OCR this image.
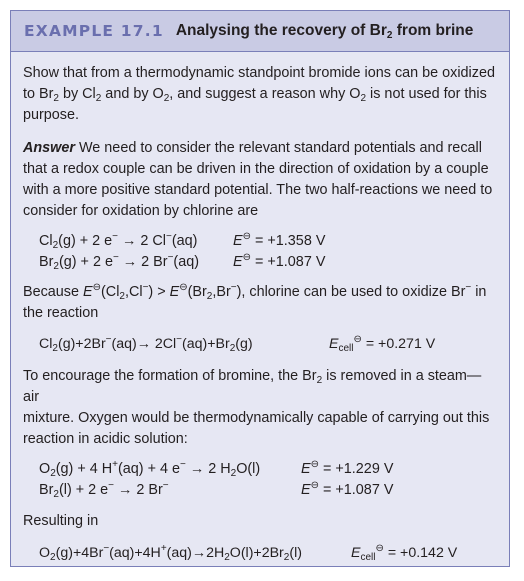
EXAMPLE 17.1 Analysing the recovery of $Br_2$ from brine

Show that from a thermodynamic standpoint bromide ions can be oxidized
to $Br_2$ by $Cl_2$ and by $O_2$, and suggest a reason why $O_2$ is not used for this
purpose.

Answer We need to consider the relevant standard potentials and recall
that a redox couple can be driven in the direction of oxidation by a couple
with a more positive standard potential. The two half-reactions we need to
consider for oxidation by chlorine are

$Cl_2(g) + 2$ e− → 2 Cl−(aq) E⊖ = +1.358 V
$Br_2(g) + 2$ e− → 2 Br−(aq) E⊖ = +1.087 V

Because $E^⊖(Cl_2,Cl^-) > E^⊖(Br_2,Br^-)$, chlorine can be used to oxidize Br− in
the reaction

$Cl_2(g)+2Br^-(aq)\to 2Cl^-(aq)+Br_2(g)$	$E_{cell}^⊖ = +0.271$ V

To encourage the formation of bromine, the $Br_2$ is removed in a steam—air
mixture. Oxygen would be thermodynamically capable of carrying out this
reaction in acidic solution:

$O_2(g) + 4$ H+(aq) + 4 e− → 2 $H_2O(l)$	E⊖ = +1.229 V
$Br_2(l) + 2$ e− → 2 Br−	E⊖ = +1.087 V

Resulting in

$O_2(g)+4Br^-(aq)+4H^+(aq)\to 2H_2O(l)+2Br_2(l)$	$E_{cell}^⊖ = +0.142$ V
